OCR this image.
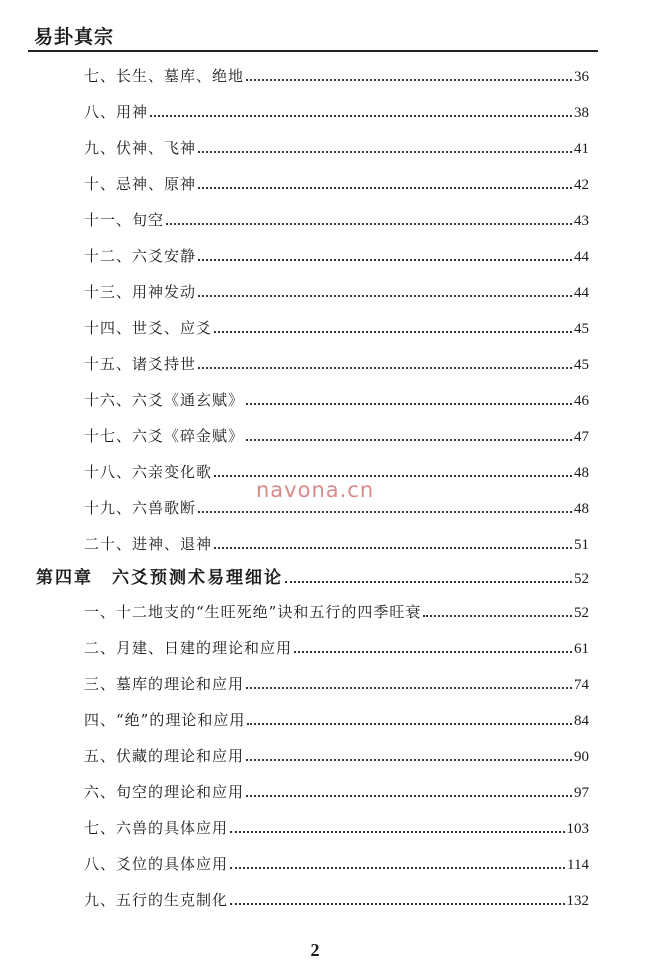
易卦真宗
七、长生、墓库、绝地	36
八、用神	38
九、伏神、飞神	41
十、忌神、原神	42
十一、旬空	43
十二、六爻安静	44
十三、用神发动	44
十四、世爻、应爻	45
十五、诸爻持世	45
十六、六爻《通玄赋》	46
十七、六爻《碎金赋》	47
十八、六亲变化歌	48
十九、六兽歌断	48
二十、进神、退神	51
第四章　六爻预测术易理细论	52
一、十二地支的“生旺死绝”诀和五行的四季旺衰	52
二、月建、日建的理论和应用	61
三、墓库的理论和应用	74
四、“绝”的理论和应用	84
五、伏藏的理论和应用	90
六、旬空的理论和应用	97
七、六兽的具体应用	103
八、爻位的具体应用	114
九、五行的生克制化	132
navona.cn
2
